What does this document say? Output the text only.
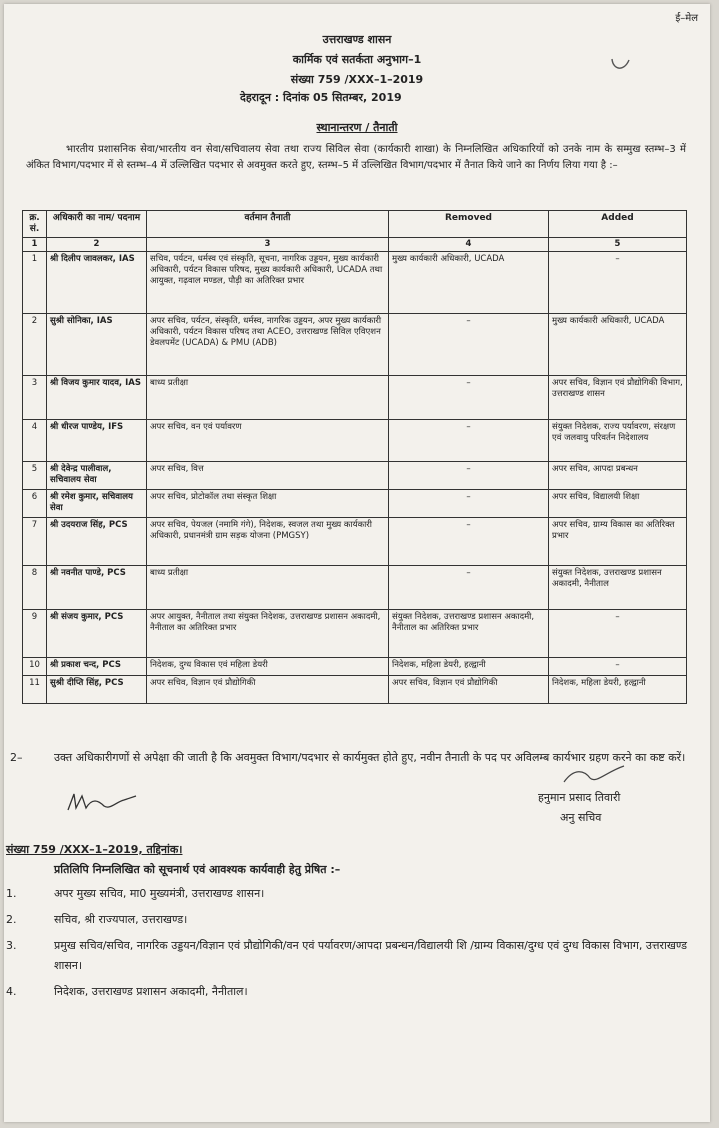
ई–मेल
उत्तराखण्ड शासन
कार्मिक एवं सतर्कता अनुभाग–1
संख्या 759 /XXX–1–2019
देहरादून : दिनांक 05 सितम्बर, 2019
स्थानान्तरण / तैनाती
भारतीय प्रशासनिक सेवा/भारतीय वन सेवा/सचिवालय सेवा तथा राज्य सिविल सेवा (कार्यकारी शाखा) के निम्नलिखित अधिकारियों को उनके नाम के सम्मुख स्तम्भ–3 में अंकित विभाग/पदभार में से स्तम्भ–4 में उल्लिखित पदभार से अवमुक्त करते हुए, स्तम्भ–5 में उल्लिखित विभाग/पदभार में तैनात किये जाने का निर्णय लिया गया है :–
क्र. सं.	अधिकारी का नाम/ पदनाम	वर्तमान तैनाती	Removed	Added
1	2	3	4	5
1	श्री दिलीप जावलकर, IAS	सचिव, पर्यटन, धर्मस्व एवं संस्कृति, सूचना, नागरिक उड्डयन, मुख्य कार्यकारी अधिकारी, पर्यटन विकास परिषद, मुख्य कार्यकारी अधिकारी, UCADA तथा आयुक्त, गढ़वाल मण्डल, पौड़ी का अतिरिक्त प्रभार	मुख्य कार्यकारी अधिकारी, UCADA	–
2	सुश्री सोनिका, IAS	अपर सचिव, पर्यटन, संस्कृति, धर्मस्व, नागरिक उड्डयन, अपर मुख्य कार्यकारी अधिकारी, पर्यटन विकास परिषद तथा ACEO, उत्तराखण्ड सिविल एविएशन डेवलपमेंट (UCADA) & PMU (ADB)	–	मुख्य कार्यकारी अधिकारी, UCADA
3	श्री विजय कुमार यादव, IAS	बाध्य प्रतीक्षा	–	अपर सचिव, विज्ञान एवं प्रौद्योगिकी विभाग, उत्तराखण्ड शासन
4	श्री धीरज पाण्डेय, IFS	अपर सचिव, वन एवं पर्यावरण	–	संयुक्त निदेशक, राज्य पर्यावरण, संरक्षण एवं जलवायु परिवर्तन निदेशालय
5	श्री देवेन्द्र पालीवाल, सचिवालय सेवा	अपर सचिव, वित्त	–	अपर सचिव, आपदा प्रबन्धन
6	श्री रमेश कुमार, सचिवालय सेवा	अपर सचिव, प्रोटोकॉल तथा संस्कृत शिक्षा	–	अपर सचिव, विद्यालयी शिक्षा
7	श्री उदयराज सिंह, PCS	अपर सचिव, पेयजल (नमामि गंगे), निदेशक, स्वजल तथा मुख्य कार्यकारी अधिकारी, प्रधानमंत्री ग्राम सड़क योजना (PMGSY)	–	अपर सचिव, ग्राम्य विकास का अतिरिक्त प्रभार
8	श्री नवनीत पाण्डे, PCS	बाध्य प्रतीक्षा	–	संयुक्त निदेशक, उत्तराखण्ड प्रशासन अकादमी, नैनीताल
9	श्री संजय कुमार, PCS	अपर आयुक्त, नैनीताल तथा संयुक्त निदेशक, उत्तराखण्ड प्रशासन अकादमी, नैनीताल का अतिरिक्त प्रभार	संयुक्त निदेशक, उत्तराखण्ड प्रशासन अकादमी, नैनीताल का अतिरिक्त प्रभार	–
10	श्री प्रकाश चन्द, PCS	निदेशक, दुग्ध विकास एवं महिला डेयरी	निदेशक, महिला डेयरी, हल्द्वानी	–
11	सुश्री दीप्ति सिंह, PCS	अपर सचिव, विज्ञान एवं प्रौद्योगिकी	अपर सचिव, विज्ञान एवं प्रौद्योगिकी	निदेशक, महिला डेयरी, हल्द्वानी
2–	उक्त अधिकारीगणों से अपेक्षा की जाती है कि अवमुक्त विभाग/पदभार से कार्यमुक्त होते हुए, नवीन तैनाती के पद पर अविलम्ब कार्यभार ग्रहण करने का कष्ट करें।
हनुमान प्रसाद तिवारी
अनु सचिव
संख्या 759 /XXX–1–2019, तद्दिनांक।
प्रतिलिपि निम्नलिखित को सूचनार्थ एवं आवश्यक कार्यवाही हेतु प्रेषित :–
1.	अपर मुख्य सचिव, मा0 मुख्यमंत्री, उत्तराखण्ड शासन।
2.	सचिव, श्री राज्यपाल, उत्तराखण्ड।
3.	प्रमुख सचिव/सचिव, नागरिक उड्डयन/विज्ञान एवं प्रौद्योगिकी/वन एवं पर्यावरण/आपदा प्रबन्धन/विद्यालयी शि /ग्राम्य विकास/दुग्ध एवं दुग्ध विकास विभाग, उत्तराखण्ड शासन।
4.	निदेशक, उत्तराखण्ड प्रशासन अकादमी, नैनीताल।
